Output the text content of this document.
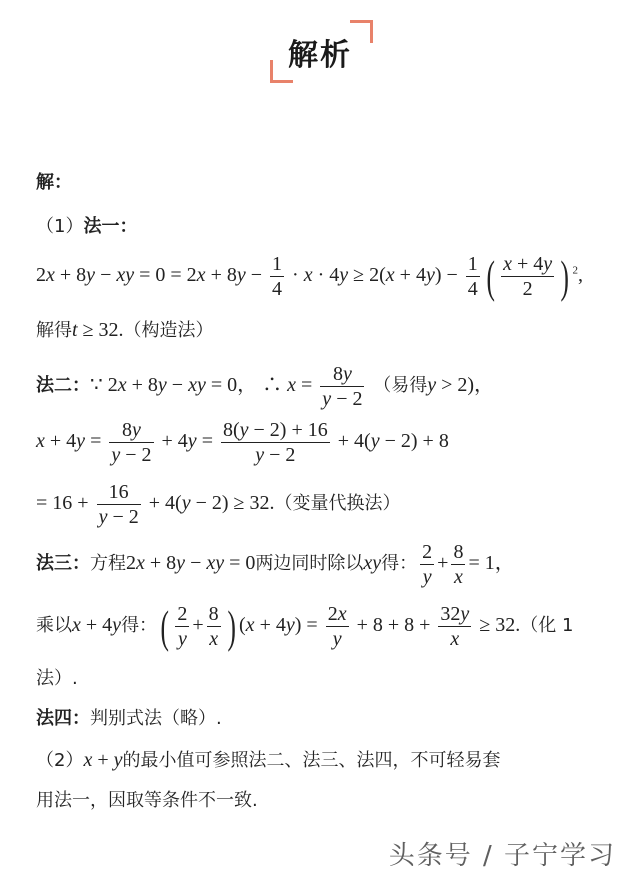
解析
解：
（1）法一：
2x + 8y − xy = $0 = 2x + 8y - \frac{1}{4} \cdot x \cdot 4y \ge 2(x + 4y) - \frac{1}{4}$ ( $\frac{x + 4y}{2}$ ) $^2$,
解得t ≥ 32.（构造法）
法二：∵ 2x + 8y − xy = 0， ∴ $x = \frac{8y}{y - 2}$ （易得y > 2)，
$x + 4y = \frac{8y}{y - 2} + 4y = \frac{8(y - 2) + 16}{y - 2} + 4(y - 2) + 8$
= $16 + \frac{16}{y - 2} + 4(y - 2) \ge 32$.（变量代换法）
法三：方程2x + 8y − xy = 0两边同时除以xy得： $\frac{2}{y} + \frac{8}{x} = 1$，
乘以x + 4y得：( $\frac{2}{y} + \frac{8}{x}$ ) $(x + 4y) = \frac{2x}{y} + 8 + 8 + \frac{32y}{x} \ge 32$.（化 1
法）.
法四：判别式法（略）.
（2）x + y的最小值可参照法二、法三、法四，不可轻易套
用法一，因取等条件不一致.
头条号 / 子宁学习
